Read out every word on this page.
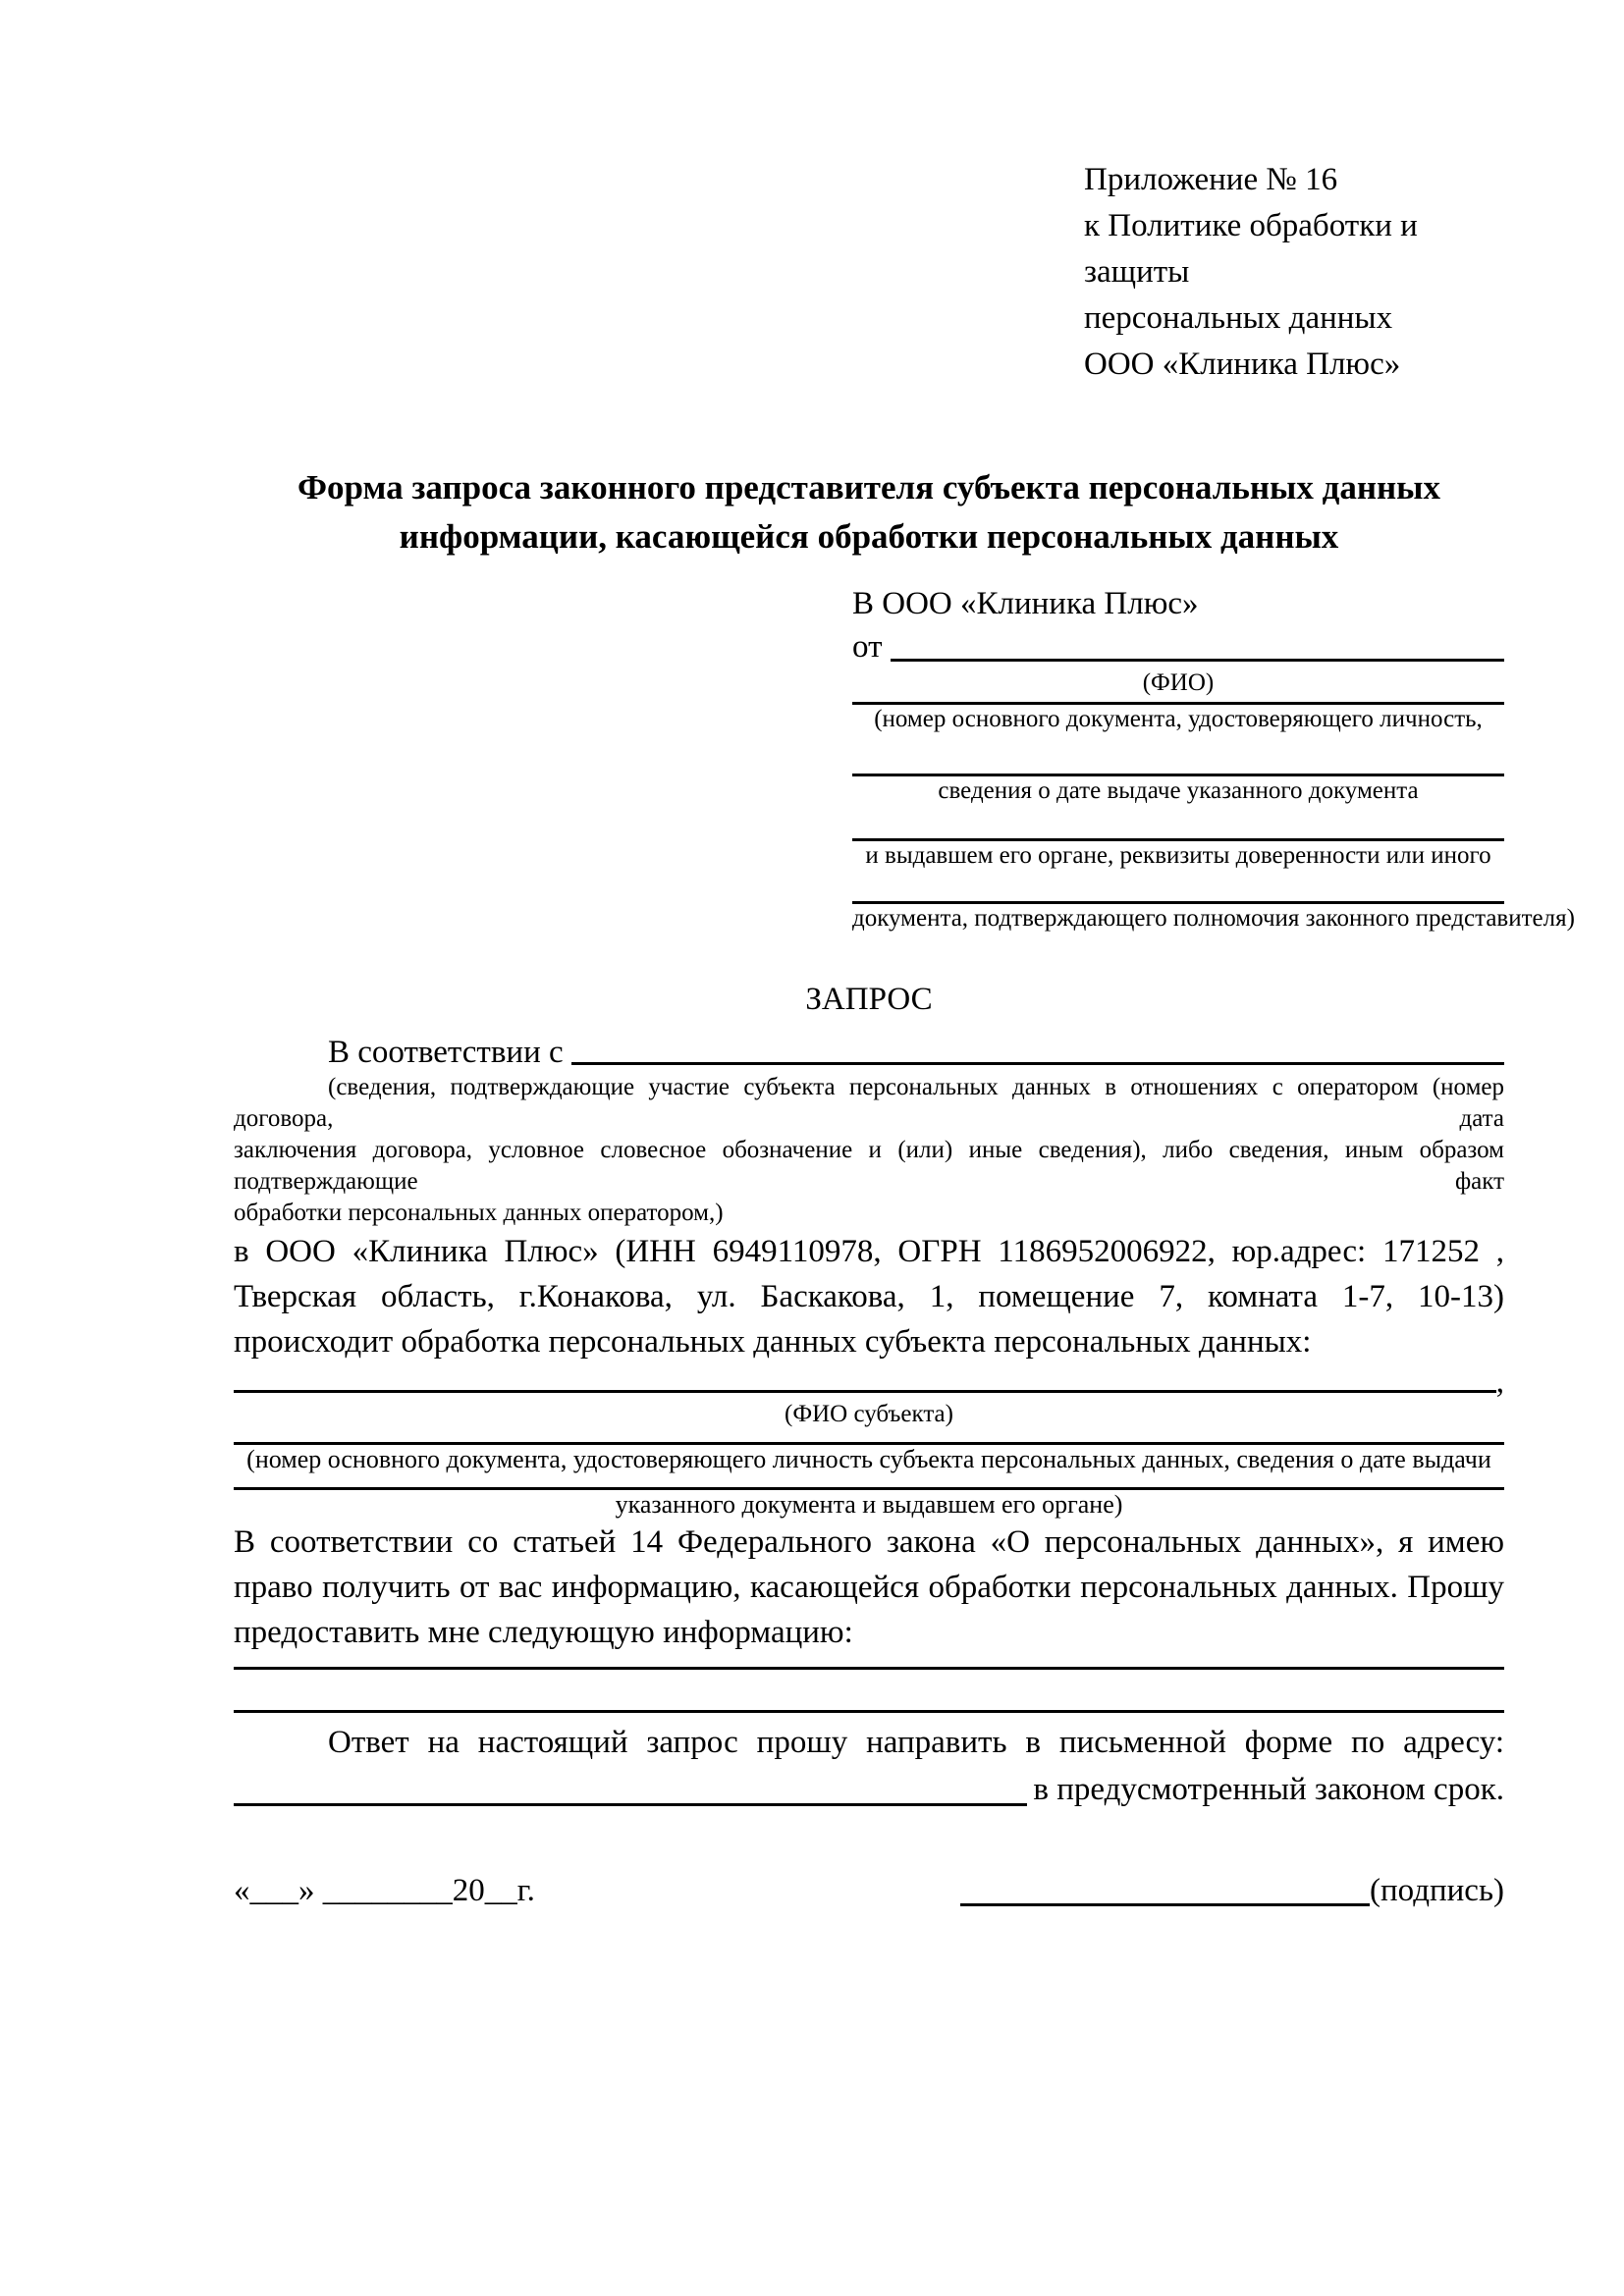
Приложение № 16
к Политике обработки и защиты
персональных данных
ООО «Клиника Плюс»
Форма запроса законного представителя субъекта персональных данных
информации, касающейся обработки персональных данных
В ООО «Клиника Плюс»
от
(ФИО)
(номер основного документа, удостоверяющего личность,
сведения о дате выдаче указанного документа
и выдавшем его органе, реквизиты доверенности или иного
документа, подтверждающего полномочия законного представителя)
ЗАПРОС
В соответствии с
(сведения, подтверждающие участие субъекта персональных данных в отношениях с оператором (номер договора, дата
заключения договора, условное словесное обозначение и (или) иные сведения), либо сведения, иным образом подтверждающие факт
обработки персональных данных оператором,)
в ООО «Клиника Плюс» (ИНН 6949110978, ОГРН 1186952006922, юр.адрес: 171252 ,
Тверская область, г.Конакова, ул. Баскакова, 1, помещение 7, комната 1-7, 10-13)
происходит обработка персональных данных субъекта персональных данных:
,
(ФИО субъекта)
(номер основного документа, удостоверяющего личность субъекта персональных данных, сведения о дате выдачи
указанного документа и выдавшем его органе)
В соответствии со статьей 14 Федерального закона «О персональных данных», я имею
право получить от вас информацию, касающейся обработки персональных данных. Прошу
предоставить мне следующую информацию:
Ответ на настоящий запрос прошу направить в письменной форме по адресу:
в предусмотренный законом срок.
«___» ________20__г.	(подпись)
